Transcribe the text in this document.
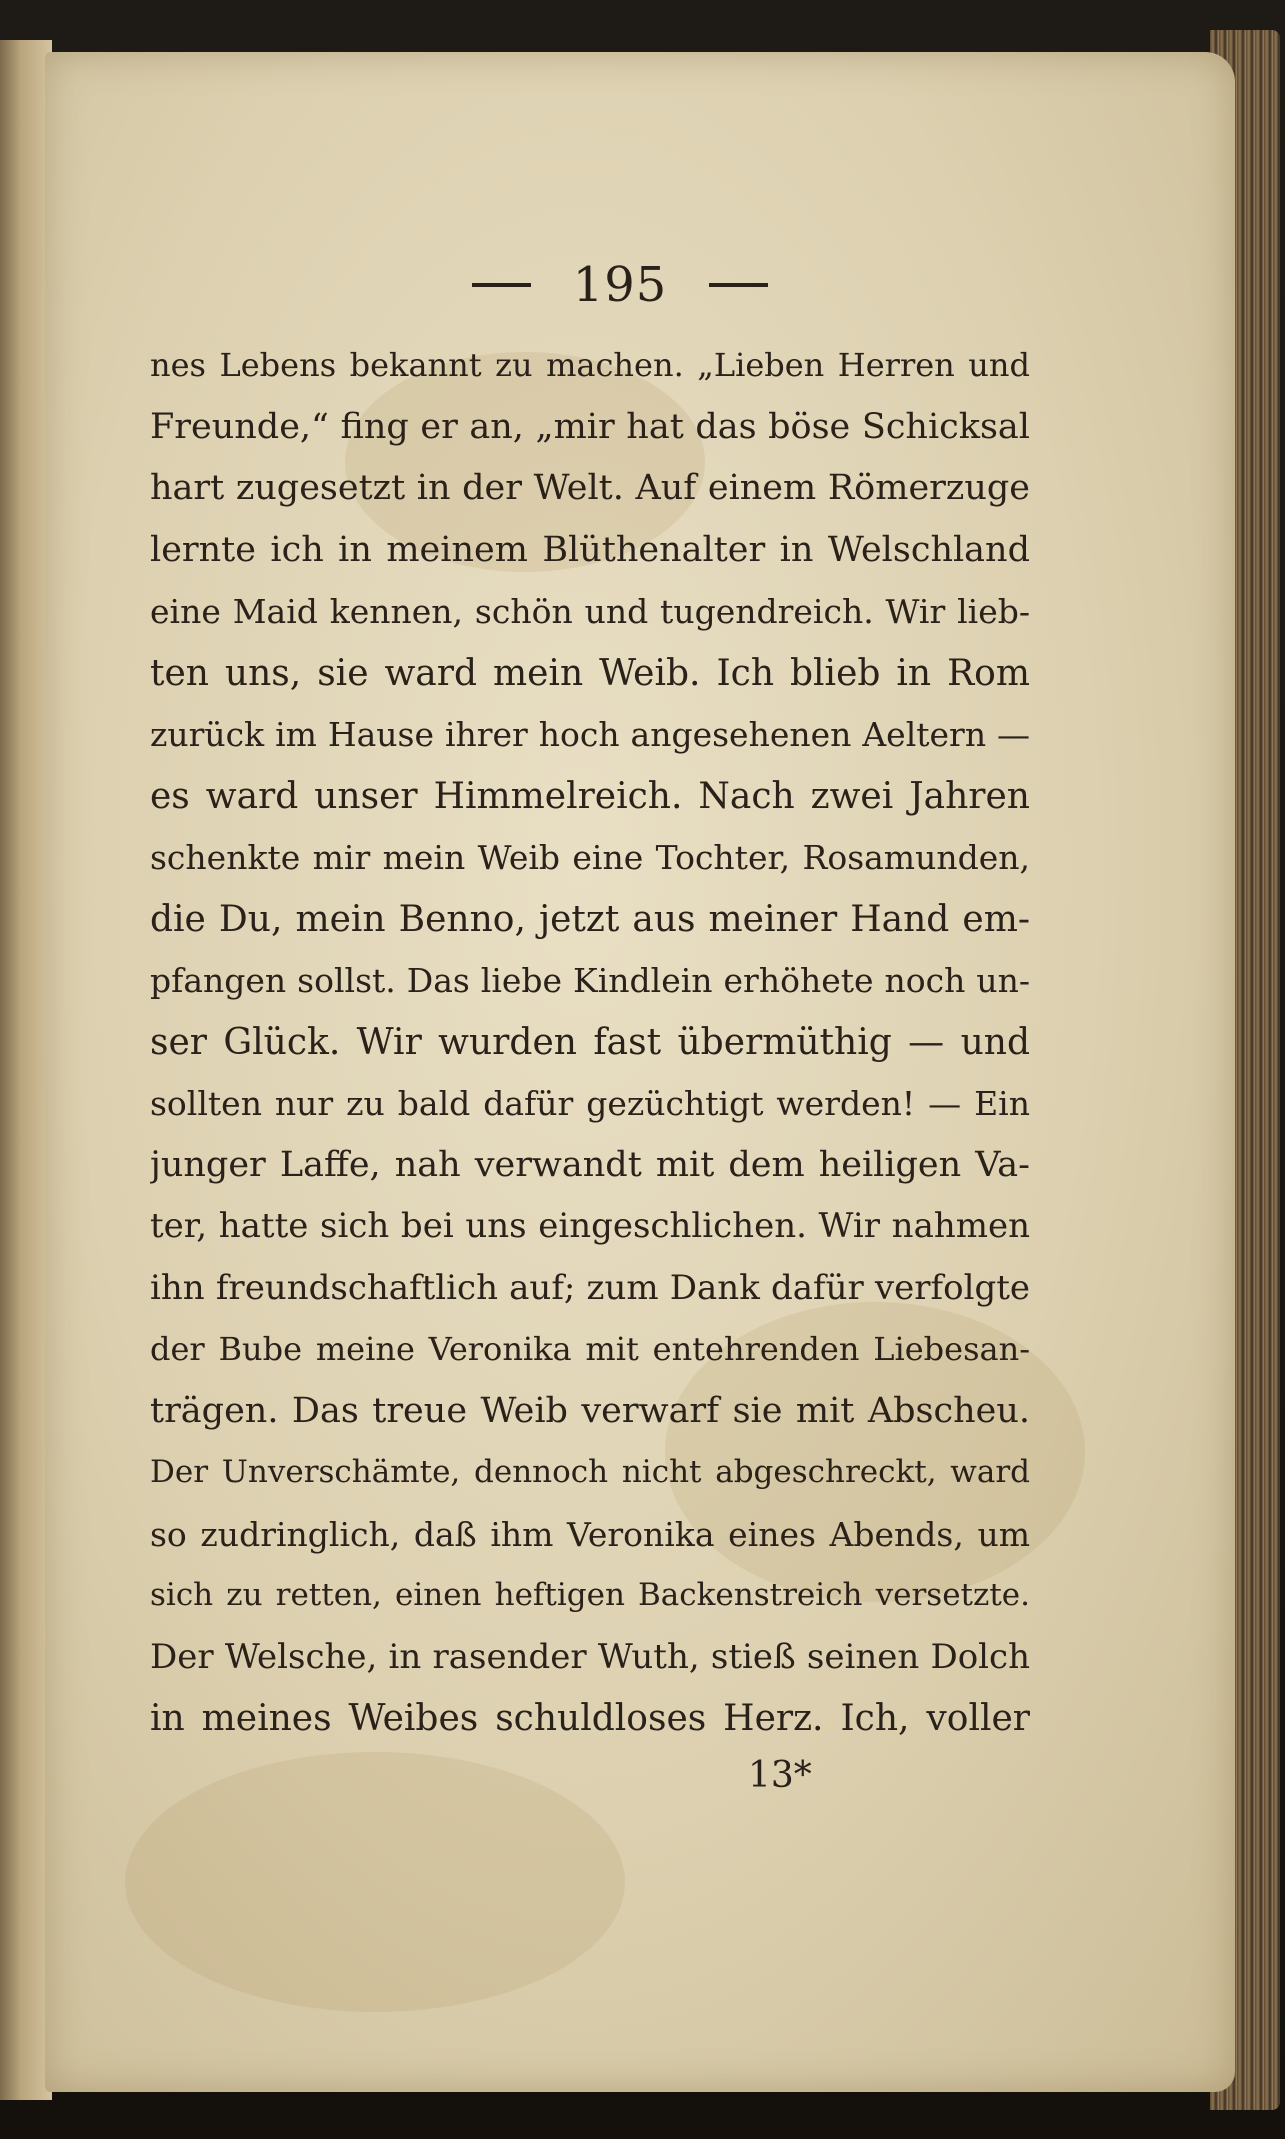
195
nes Lebens bekannt zu machen. „Lieben Herren und
Freunde,“ fing er an, „mir hat das böse Schicksal
hart zugesetzt in der Welt. Auf einem Römerzuge
lernte ich in meinem Blüthenalter in Welschland
eine Maid kennen, schön und tugendreich. Wir lieb-
ten uns, sie ward mein Weib. Ich blieb in Rom
zurück im Hause ihrer hoch angesehenen Aeltern —
es ward unser Himmelreich. Nach zwei Jahren
schenkte mir mein Weib eine Tochter, Rosamunden,
die Du, mein Benno, jetzt aus meiner Hand em-
pfangen sollst. Das liebe Kindlein erhöhete noch un-
ser Glück. Wir wurden fast übermüthig — und
sollten nur zu bald dafür gezüchtigt werden! — Ein
junger Laffe, nah verwandt mit dem heiligen Va-
ter, hatte sich bei uns eingeschlichen. Wir nahmen
ihn freundschaftlich auf; zum Dank dafür verfolgte
der Bube meine Veronika mit entehrenden Liebesan-
trägen. Das treue Weib verwarf sie mit Abscheu.
Der Unverschämte, dennoch nicht abgeschreckt, ward
so zudringlich, daß ihm Veronika eines Abends, um
sich zu retten, einen heftigen Backenstreich versetzte.
Der Welsche, in rasender Wuth, stieß seinen Dolch
in meines Weibes schuldloses Herz. Ich, voller
13*
